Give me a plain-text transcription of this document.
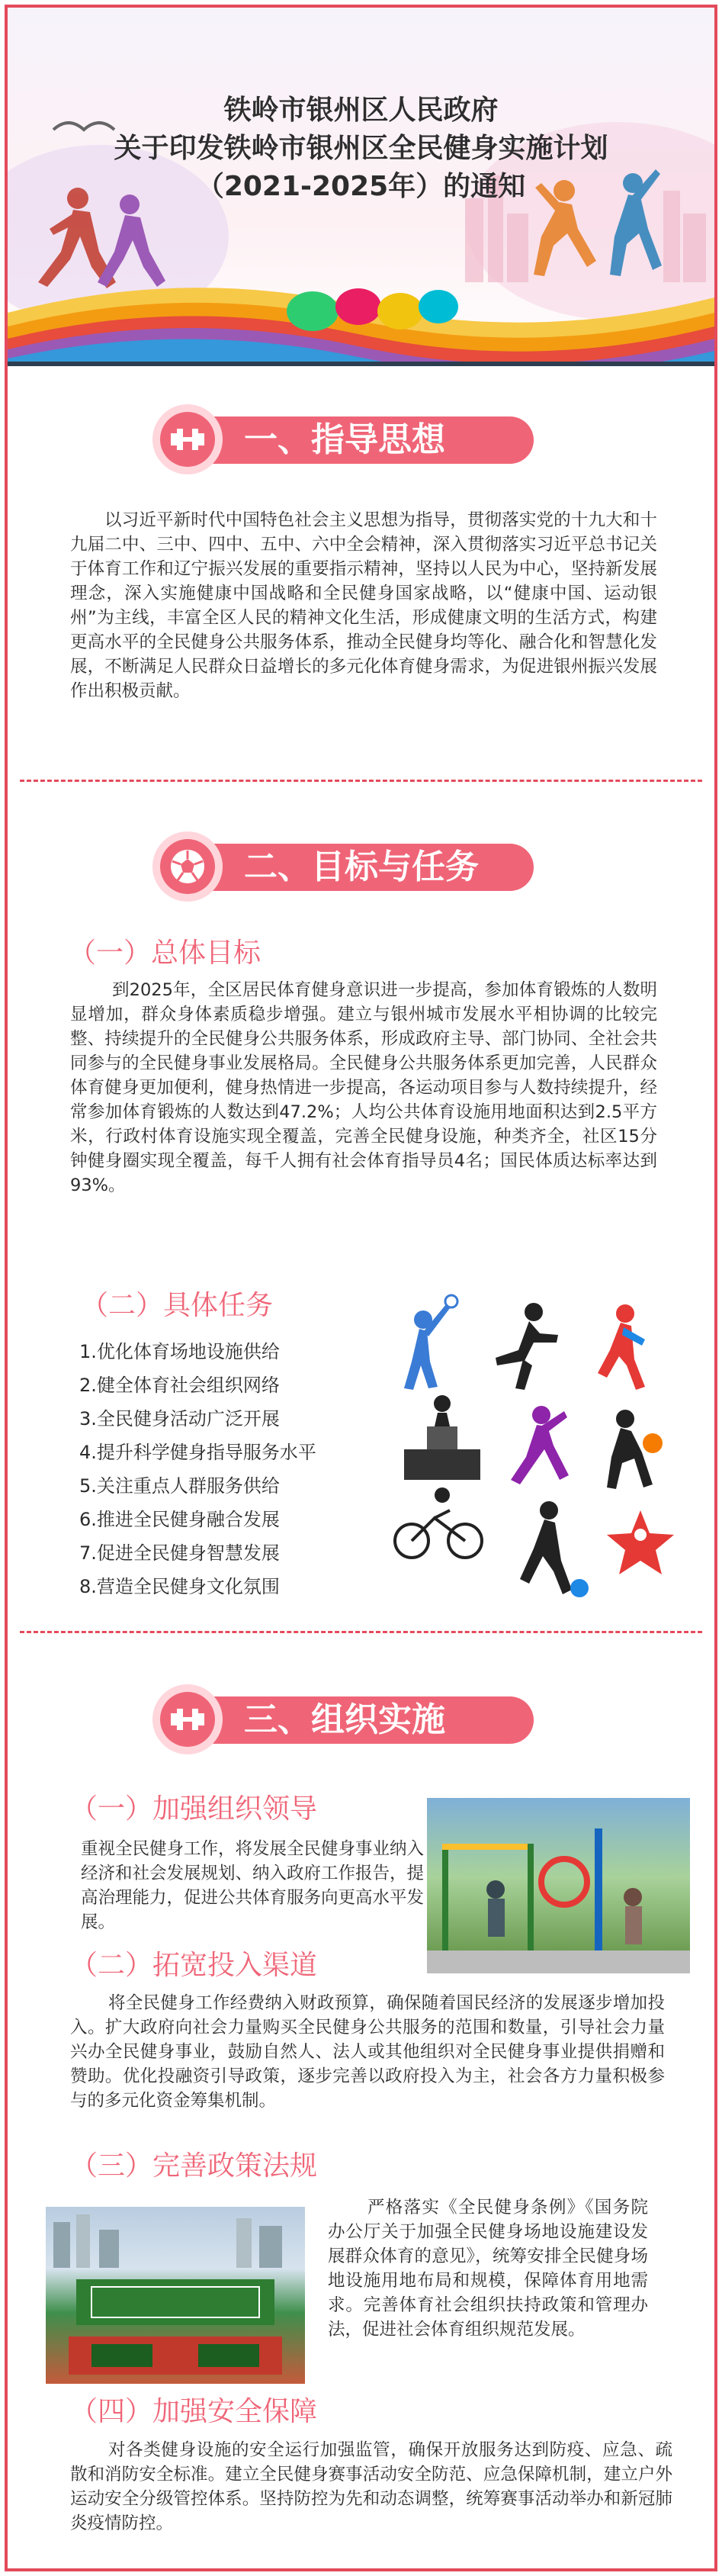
铁岭市银州区人民政府
关于印发铁岭市银州区全民健身实施计划
（2021-2025年）的通知
一、指导思想

以习近平新时代中国特色社会主义思想为指导，贯彻落实党的十九大和十九届二中、三中、四中、五中、六中全会精神，深入贯彻落实习近平总书记关于体育工作和辽宁振兴发展的重要指示精神，坚持以人民为中心，坚持新发展理念，深入实施健康中国战略和全民健身国家战略，以“健康中国、运动银州”为主线，丰富全区人民的精神文化生活，形成健康文明的生活方式，构建更高水平的全民健身公共服务体系，推动全民健身均等化、融合化和智慧化发展，不断满足人民群众日益增长的多元化体育健身需求，为促进银州振兴发展作出积极贡献。

二、目标与任务
（一）总体目标

到2025年，全区居民体育健身意识进一步提高，参加体育锻炼的人数明显增加，群众身体素质稳步增强。建立与银州城市发展水平相协调的比较完整、持续提升的全民健身公共服务体系，形成政府主导、部门协同、全社会共同参与的全民健身事业发展格局。全民健身公共服务体系更加完善，人民群众体育健身更加便利，健身热情进一步提高，各运动项目参与人数持续提升，经常参加体育锻炼的人数达到47.2%；人均公共体育设施用地面积达到2.5平方米，行政村体育设施实现全覆盖，完善全民健身设施，种类齐全，社区15分钟健身圈实现全覆盖，每千人拥有社会体育指导员4名；国民体质达标率达到93%。

（二）具体任务
1.优化体育场地设施供给
2.健全体育社会组织网络
3.全民健身活动广泛开展
4.提升科学健身指导服务水平
5.关注重点人群服务供给
6.推进全民健身融合发展
7.促进全民健身智慧发展
8.营造全民健身文化氛围
三、组织实施
（一）加强组织领导

重视全民健身工作，将发展全民健身事业纳入经济和社会发展规划、纳入政府工作报告，提高治理能力，促进公共体育服务向更高水平发展。

（二）拓宽投入渠道

将全民健身工作经费纳入财政预算，确保随着国民经济的发展逐步增加投入。扩大政府向社会力量购买全民健身公共服务的范围和数量，引导社会力量兴办全民健身事业，鼓励自然人、法人或其他组织对全民健身事业提供捐赠和赞助。优化投融资引导政策，逐步完善以政府投入为主，社会各方力量积极参与的多元化资金筹集机制。

（三）完善政策法规

严格落实《全民健身条例》《国务院办公厅关于加强全民健身场地设施建设发展群众体育的意见》，统筹安排全民健身场地设施用地布局和规模，保障体育用地需求。完善体育社会组织扶持政策和管理办法，促进社会体育组织规范发展。

（四）加强安全保障

对各类健身设施的安全运行加强监管，确保开放服务达到防疫、应急、疏散和消防安全标准。建立全民健身赛事活动安全防范、应急保障机制，建立户外运动安全分级管控体系。坚持防控为先和动态调整，统筹赛事活动举办和新冠肺炎疫情防控。
